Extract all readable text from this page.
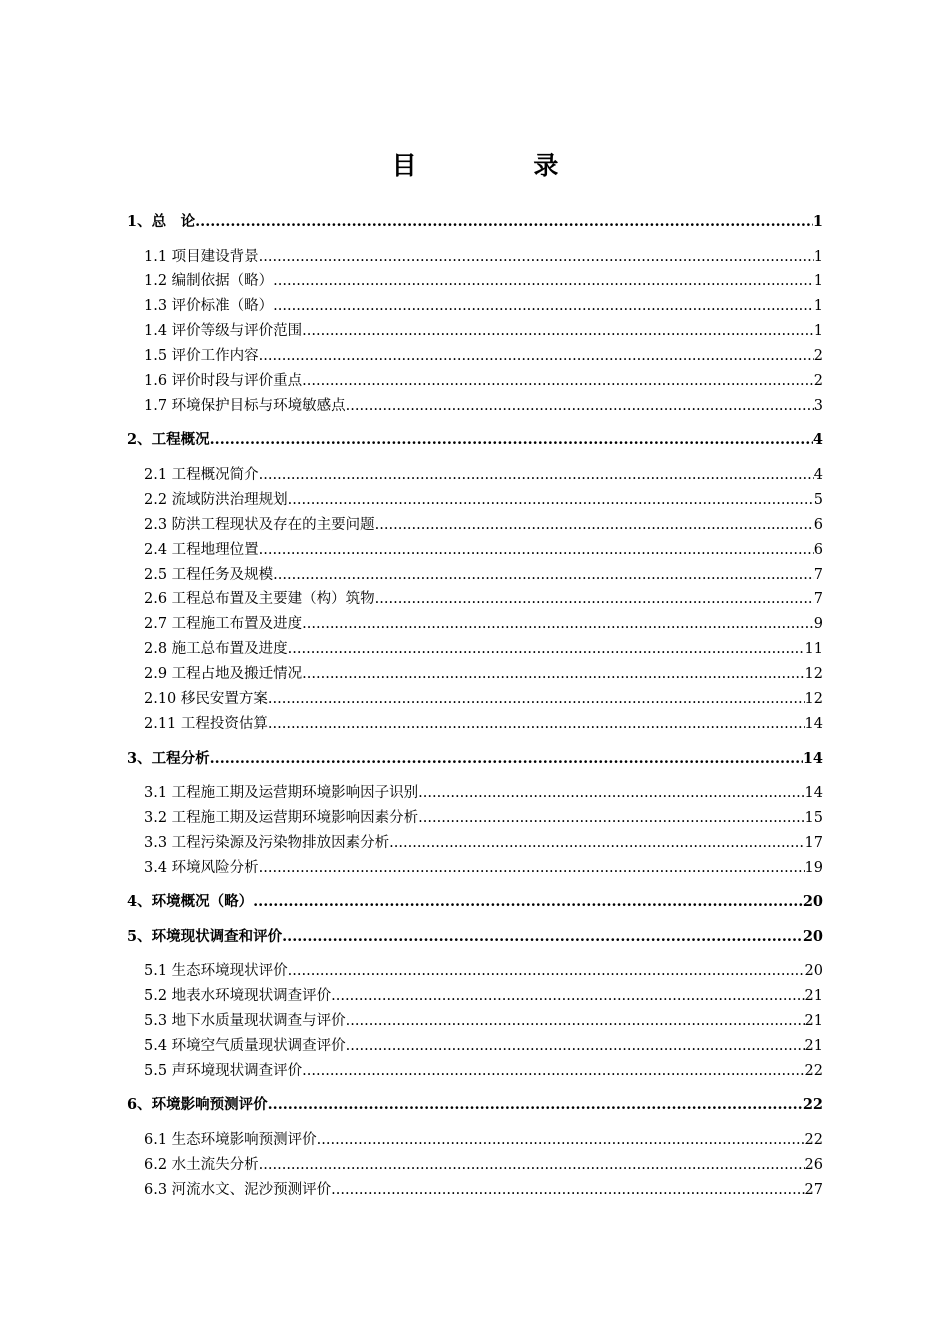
目 录
1、总　论 .....	1
1.1 项目建设背景 .....	1
1.2 编制依据（略） .....	1
1.3 评价标准（略） .....	1
1.4 评价等级与评价范围 .....	1
1.5 评价工作内容 .....	2
1.6 评价时段与评价重点 .....	2
1.7 环境保护目标与环境敏感点 .....	3
2、工程概况 .....	4
2.1 工程概况简介 .....	4
2.2 流域防洪治理规划 .....	5
2.3 防洪工程现状及存在的主要问题 .....	6
2.4 工程地理位置 .....	6
2.5 工程任务及规模 .....	7
2.6 工程总布置及主要建（构）筑物 .....	7
2.7 工程施工布置及进度 .....	9
2.8 施工总布置及进度 .....	11
2.9 工程占地及搬迁情况 .....	12
2.10 移民安置方案 .....	12
2.11 工程投资估算 .....	14
3、工程分析 .....	14
3.1 工程施工期及运营期环境影响因子识别 .....	14
3.2 工程施工期及运营期环境影响因素分析 .....	15
3.3 工程污染源及污染物排放因素分析 .....	17
3.4 环境风险分析 .....	19
4、环境概况（略） .....	20
5、环境现状调查和评价 .....	20
5.1 生态环境现状评价 .....	20
5.2 地表水环境现状调查评价 .....	21
5.3 地下水质量现状调查与评价 .....	21
5.4 环境空气质量现状调查评价 .....	21
5.5 声环境现状调查评价 .....	22
6、环境影响预测评价 .....	22
6.1 生态环境影响预测评价 .....	22
6.2 水土流失分析 .....	26
6.3 河流水文、泥沙预测评价 .....	27
